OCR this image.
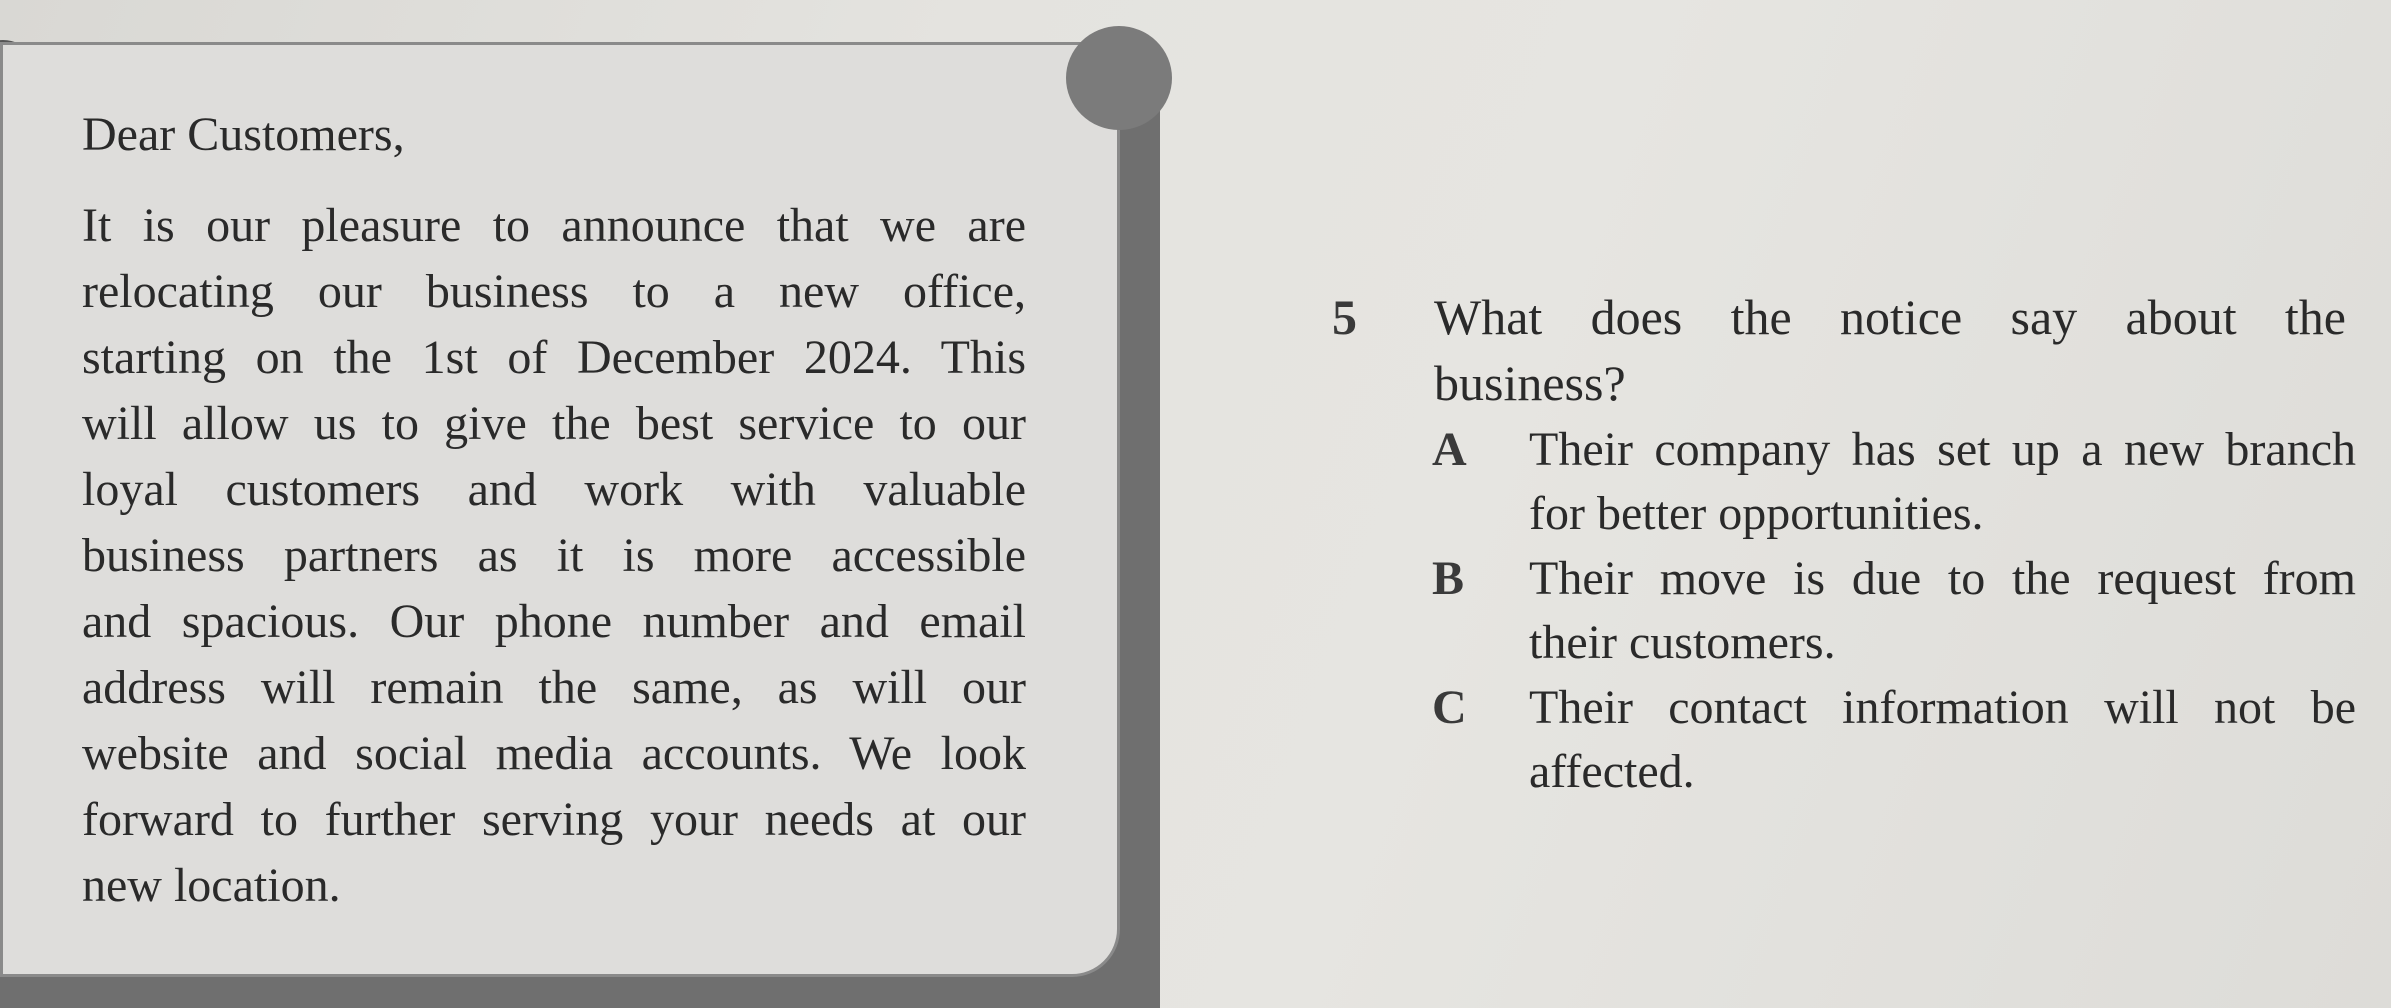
Dear Customers,

It is our pleasure to announce that we are
relocating our business to a new office,
starting on the 1st of December 2024. This
will allow us to give the best service to our
loyal customers and work with valuable
business partners as it is more accessible
and spacious. Our phone number and email
address will remain the same, as will our
website and social media accounts. We look
forward to further serving your needs at our
new location.
5 What does the notice say about the
business?
A Their company has set up a new branch
for better opportunities.
B Their move is due to the request from
their customers.
C Their contact information will not be
affected.
